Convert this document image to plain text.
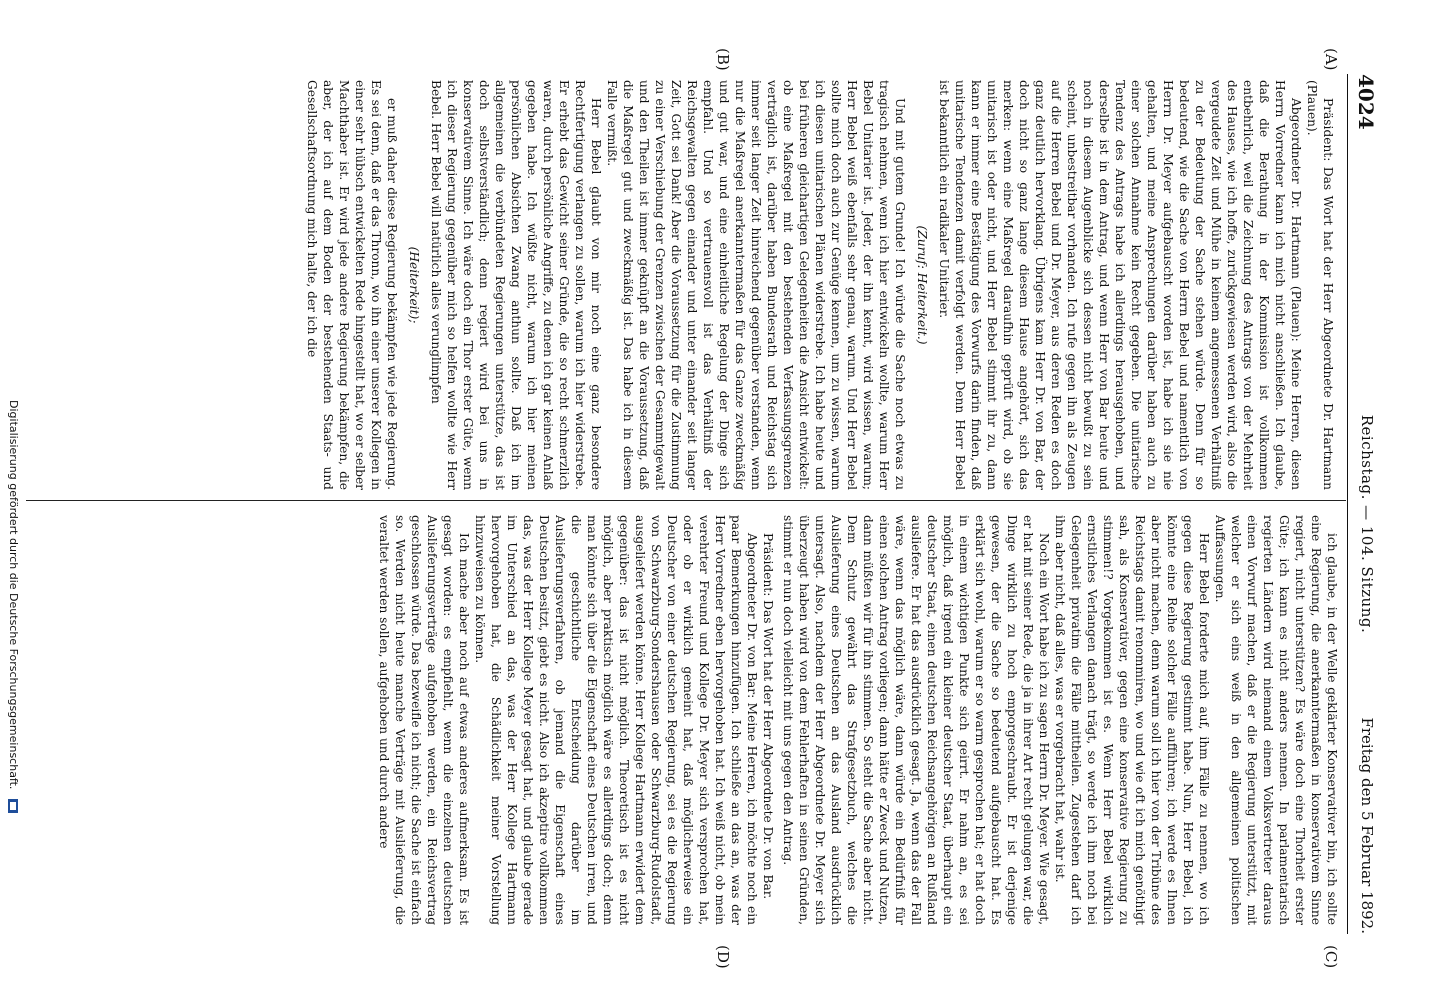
4024
Reichstag. — 104. Sitzung.
Freitag den 5 Februar 1892.
(A)
(B)
(C)
(D)

Präsident: Das Wort hat der Herr Abgeordnete Dr. Hartmann (Plauen).

Abgeordneter Dr. Hartmann (Plauen): Meine Herren, diesen Herrn Vorredner kann ich mich nicht anschließen. Ich glaube, daß die Berathung in der Kommission ist vollkommen entbehrlich, weil die Zeichnung des Antrags von der Mehrheit des Hauses, wie ich hoffe, zurückgewiesen werden wird, also die vergeudete Zeit und Mühe in keinem angemessenen Verhältniß zu der Bedeutung der Sache stehen würde. Denn für so bedeutend, wie die Sache von Herrn Bebel und namentlich von Herrn Dr. Meyer aufgebauscht worden ist, habe ich sie nie gehalten, und meine Ansprechungen darüber haben auch zu einer solchen Annahme kein Recht gegeben. Die unitarische Tendenz des Antrags habe ich allerdings herausgehoben, und derselbe ist in dem Antrag, und wenn Herr von Bar heute und noch in diesem Augenblicke sich dessen nicht bewußt zu sein scheint, unbestreitbar vorhanden. Ich rufe gegen ihn als Zeugen auf die Herren Bebel und Dr. Meyer, aus deren Reden es doch ganz deutlich hervorklang. Übrigens kam Herr Dr. von Bar, der doch nicht so ganz lange diesem Hause angehört, sich das merken: wenn eine Maßregel daraufhin geprüft wird, ob sie unitarisch ist oder nicht, und Herr Bebel stimmt ihr zu, dann kann er immer eine Bestätigung des Vorwurfs darin finden, daß unitarische Tendenzen damit verfolgt werden. Denn Herr Bebel ist bekanntlich ein radikaler Unitarier.

(Zuruf: Heiterkeit.)

Und mit gutem Grunde! Ich würde die Sache noch etwas zu tragisch nehmen, wenn ich hier entwickeln wollte, warum Herr Bebel Unitarier ist. Jeder, der ihn kennt, wird wissen, warum; Herr Bebel weiß ebenfalls sehr genau, warum. Und Herr Bebel sollte mich doch auch zur Genüge kennen, um zu wissen, warum ich diesen unitarischen Plänen widerstrebe. Ich habe heute und bei früheren gleichartigen Gelegenheiten die Ansicht entwickelt: ob eine Maßregel mit den bestehenden Verfassungsgrenzen verträglich ist, darüber haben Bundesrath und Reichstag sich immer seit langer Zeit hinreichend gegenüber verstanden, wenn nur die Maßregel anerkanntermaßen für das Ganze zweckmäßig und gut war, und eine einheitliche Regelung der Dinge sich empfahl. Und so vertrauensvoll ist das Verhältniß der Reichsgewalten gegen einander und unter einander seit langer Zeit, Gott sei Dank! Aber die Voraussetzung für die Zustimmung zu einer Verschiebung der Grenzen zwischen der Gesammtgewalt und den Theilen ist immer geknüpft an die Voraussetzung, daß die Maßregel gut und zweckmäßig ist. Das habe ich in diesem Falle vermißt.

Herr Bebel glaubt von mir noch eine ganz besondere Rechtfertigung verlangen zu sollen, warum ich hier widerstrebe. Er erhebt das Gewicht seiner Gründe, die so recht schmerzlich waren, durch persönliche Angriffe, zu denen ich gar keinen Anlaß gegeben habe. Ich wüßte nicht, warum ich hier meinen persönlichen Absichten Zwang anthun sollte. Daß ich im allgemeinen die verbündeten Regierungen unterstütze, das ist doch selbstverständlich; denn regiert wird bei uns in konservativem Sinne. Ich wäre doch ein Thor erster Güte, wenn ich dieser Regierung gegenüber mich so helfen wollte wie Herr Bebel. Herr Bebel will natürlich alles verunglimpfen

(Heiterkeit);

er muß daher diese Regierung bekämpfen wie jede Regierung. Es sei denn, daß er das Thronn, wo ihn einer unserer Kollegen in einer sehr hübsch entwickelten Rede hingestellt hat, wo er selber Machthaber ist. Er wird jede andere Regierung bekämpfen, die aber, der ich auf dem Boden der bestehenden Staats- und Gesellschaftsordnung mich halte, der ich die

ich glaube, in der Welle geklärter Konservativer bin, ich sollte eine Regierung, die anerkanntermaßen in konservativem Sinne regiert, nicht unterstützen? Es wäre doch eine Thorheit erster Güte; ich kann es nicht anders nennen. In parlamentarisch regierten Ländern wird niemand einem Volksvertreter daraus einen Vorwurf machen, daß er die Regierung unterstützt, mit welcher er sich eins weiß in den allgemeinen politischen Auffassungen.

Herr Bebel forderte mich auf, ihm Fälle zu nennen, wo ich gegen diese Regierung gestimmt habe. Nun, Herr Bebel, ich könnte eine Reihe solcher Fälle aufführen; ich werde es Ihnen aber nicht machen, denn warum soll ich hier von der Tribüne des Reichstags damit renommiren, wo und wie oft ich mich genöthigt sah, als Konservativer, gegen eine konservative Regierung zu stimmen!? Vorgekommen ist es. Wenn Herr Bebel wirklich ernstliches Verlangen danach trägt, so werde ich ihm noch bei Gelegenheit privatim die Fälle mittheilen. Zugestehen darf ich ihm aber nicht, daß alles, was er vorgebracht hat, wahr ist.

Noch ein Wort habe ich zu sagen Herrn Dr. Meyer. Wie gesagt, er hat mit seiner Rede, die ja in ihrer Art recht gelungen war, die Dinge wirklich zu hoch emporgeschraubt. Er ist derjenige gewesen, der die Sache so bedeutend aufgebauscht hat. Es erklärt sich wohl, warum er so warm gesprochen hat; er hat doch in einem wichtigen Punkte sich geirrt. Er nahm an, es sei möglich, daß irgend ein kleiner deutscher Staat, überhaupt ein deutscher Staat, einen deutschen Reichsangehörigen an Rußland ausliefere. Er hat das ausdrücklich gesagt. Ja, wenn das der Fall wäre, wenn das möglich wäre, dann würde ein Bedürfniß für einen solchen Antrag vorliegen; dann hätte er Zweck und Nutzen, dann müßten wir für ihn stimmen. So steht die Sache aber nicht. Dem Schutz gewährt das Strafgesetzbuch, welches die Auslieferung eines Deutschen an das Ausland ausdrücklich untersagt. Also, nachdem der Herr Abgeordnete Dr. Meyer sich überzeugt haben wird von dem Fehlerhaften in seinen Gründen, stimmt er nun doch vielleicht mit uns gegen den Antrag.

Präsident: Das Wort hat der Herr Abgeordnete Dr. von Bar.

Abgeordneter Dr. von Bar: Meine Herren, ich möchte noch ein paar Bemerkungen hinzufügen. Ich schließe an das an, was der Herr Vorredner eben hervorgehoben hat. Ich weiß nicht, ob mein verehrter Freund und Kollege Dr. Meyer sich versprochen hat, oder ob er wirklich gemeint hat, daß möglicherweise ein Deutscher von einer deutschen Regierung, sei es die Regierung von Schwarzburg-Sondershausen oder Schwarzburg-Rudolstadt, ausgeliefert werden könne. Herr Kollege Hartmann erwidert dem gegenüber: das ist nicht möglich. Theoretisch ist es nicht möglich, aber praktisch möglich wäre es allerdings doch; denn man könnte sich über die Eigenschaft eines Deutschen irren, und die geschichtliche Entscheidung darüber im Auslieferungsverfahren, ob jemand die Eigenschaft eines Deutschen besitzt, giebt es nicht. Also ich akzeptire vollkommen das, was der Herr Kollege Meyer gesagt hat, und glaube gerade im Unterschied an das, was der Herr Kollege Hartmann hervorgehoben hat, die Schädlichkeit meiner Vorstellung hinzuweisen zu können.

Ich mache aber noch auf etwas anderes aufmerksam. Es ist gesagt worden: es empfiehlt, wenn die einzelnen deutschen Auslieferungsverträge aufgehoben werden, ein Reichsvertrag geschlossen würde. Das bezweifle ich nicht; die Sache ist einfach so. Werden nicht heute manche Verträge mit Auslieferung, die veraltet werden sollen, aufgehoben und durch andere

Digitalisierung gefördert durch die Deutsche Forschungsgemeinschaft.
